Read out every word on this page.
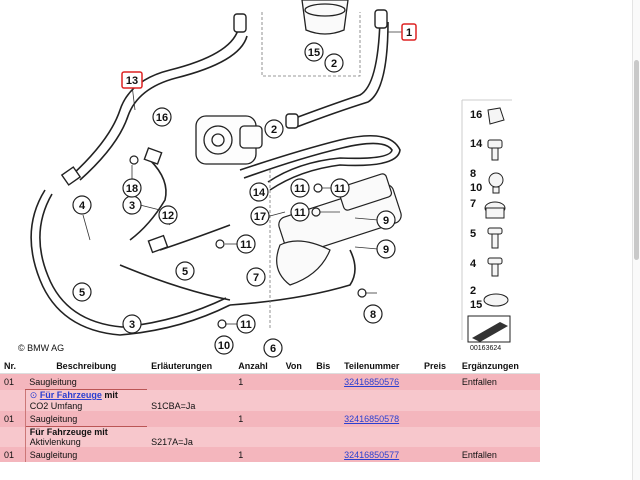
4
5
3
12
18
16
15
2
2
5
14	11
11
17
11
9
9
7
11
8
11
10	6
3
1
13
16
14
8
10
7
5
4
2
15
© BMW AG	00163624
Nr.	Beschreibung	Erläuterungen	Anzahl	Von	Bis	Teilenummer	Preis	Ergänzungen
01	Saugleitung		1			32416850576		Entfallen
	⊙ Für Fahrzeuge mit
CO2 Umfang	S1CBA=Ja						
01	Saugleitung		1			32416850578		
	Für Fahrzeuge mit
Aktivlenkung	S217A=Ja						
01	Saugleitung		1			32416850577		Entfallen
